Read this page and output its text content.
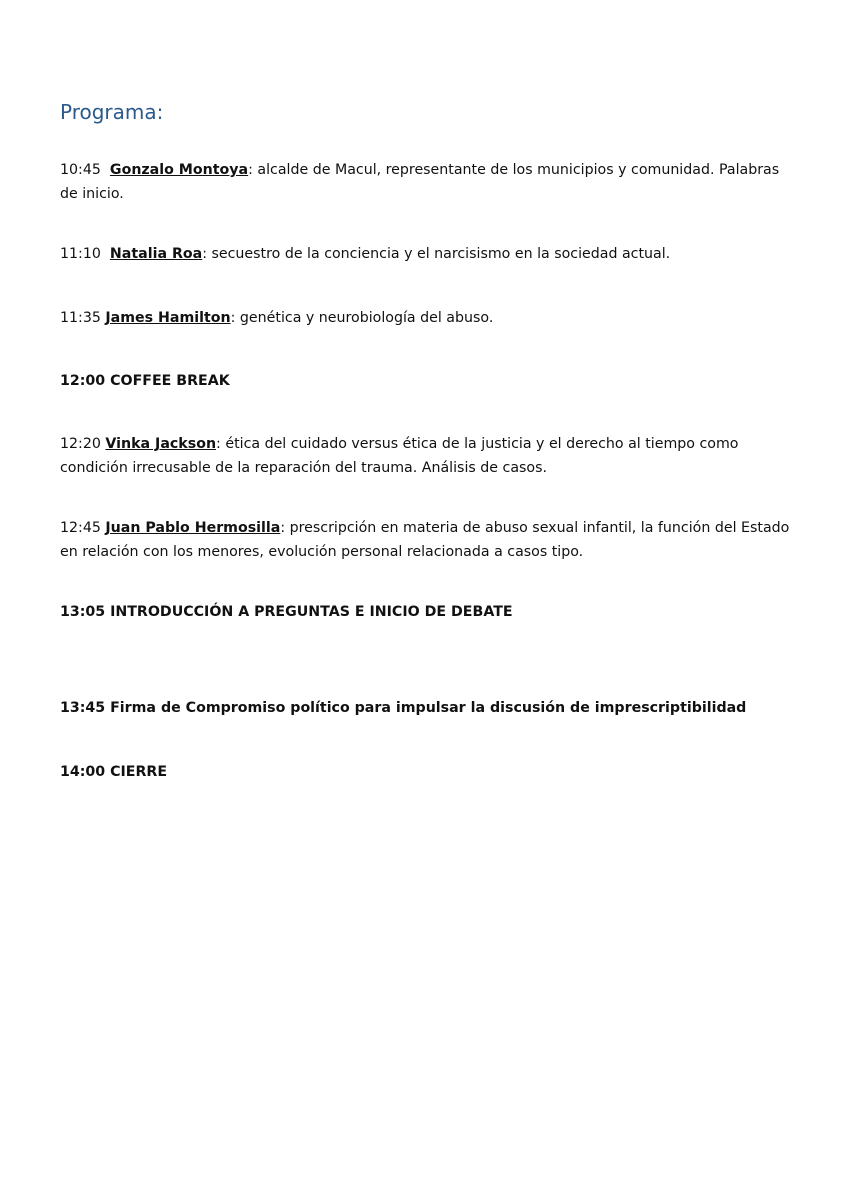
Programa:

10:45 Gonzalo Montoya: alcalde de Macul, representante de los municipios y comunidad. Palabras de inicio.

11:10 Natalia Roa: secuestro de la conciencia y el narcisismo en la sociedad actual.

11:35 James Hamilton: genética y neurobiología del abuso.

12:00 COFFEE BREAK

12:20 Vinka Jackson: ética del cuidado versus ética de la justicia y el derecho al tiempo como condición irrecusable de la reparación del trauma. Análisis de casos.

12:45 Juan Pablo Hermosilla: prescripción en materia de abuso sexual infantil, la función del Estado en relación con los menores, evolución personal relacionada a casos tipo.

13:05 INTRODUCCIÓN A PREGUNTAS E INICIO DE DEBATE

13:45 Firma de Compromiso político para impulsar la discusión de imprescriptibilidad

14:00 CIERRE
